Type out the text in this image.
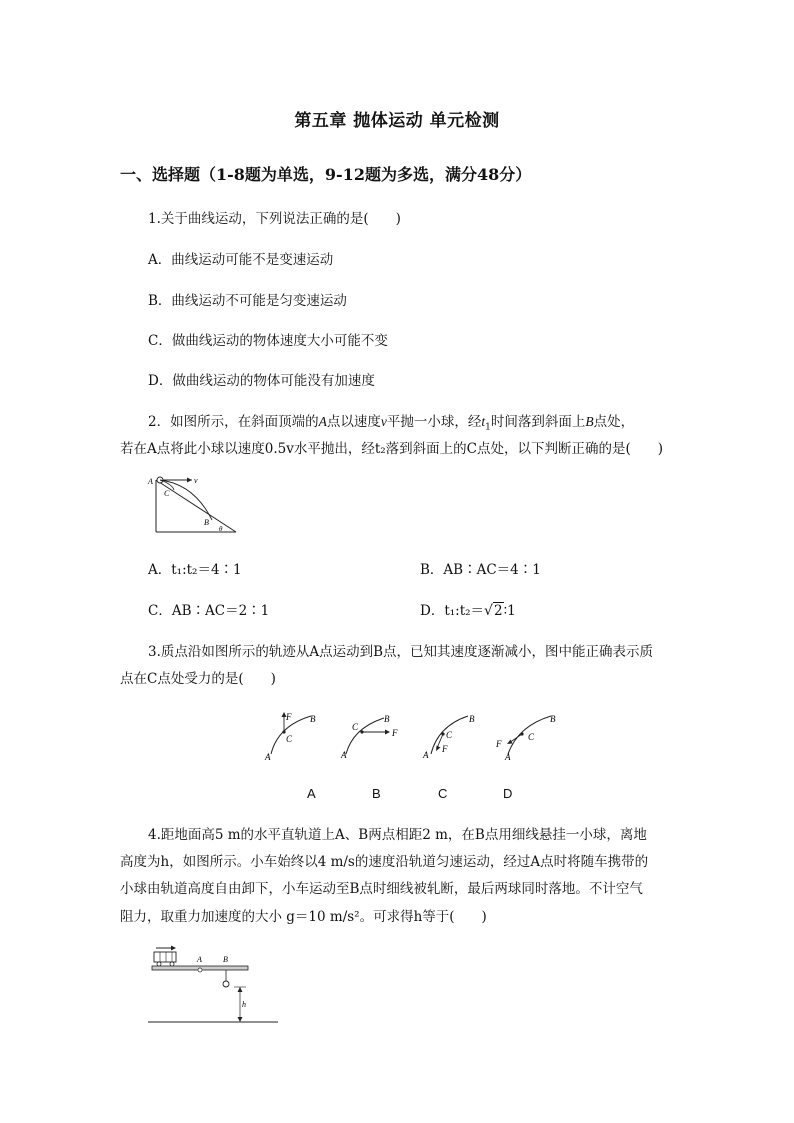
第五章 抛体运动 单元检测
一、选择题（1-8题为单选，9-12题为多选，满分48分）
1.关于曲线运动，下列说法正确的是(　　)
A．曲线运动可能不是变速运动
B．曲线运动不可能是匀变速运动
C．做曲线运动的物体速度大小可能不变
D．做曲线运动的物体可能没有加速度
2．如图所示，在斜面顶端的A点以速度v平抛一小球，经$t_1$时间落到斜面上B点处，
若在A点将此小球以速度0.5v水平抛出，经t₂落到斜面上的C点处，以下判断正确的是(　　)
A
C
v
B
θ
A．t₁:t₂＝4∶1	B．AB∶AC＝4∶1
C．AB∶AC＝2∶1	D．t₁:t₂＝√2∶1
3.质点沿如图所示的轨迹从A点运动到B点，已知其速度逐渐减小，图中能正确表示质
点在C点处受力的是(　　)
F B
C
A
F
B
C
A
B
C
F
A
B
C
F
A
A	B	C	D
4.距地面高5 m的水平直轨道上A、B两点相距2 m，在B点用细线悬挂一小球，离地
高度为h，如图所示。小车始终以4 m/s的速度沿轨道匀速运动，经过A点时将随车携带的
小球由轨道高度自由卸下，小车运动至B点时细线被轧断，最后两球同时落地。不计空气
阻力，取重力加速度的大小 g＝10 m/s²。可求得h等于(　　)
A	B
h
